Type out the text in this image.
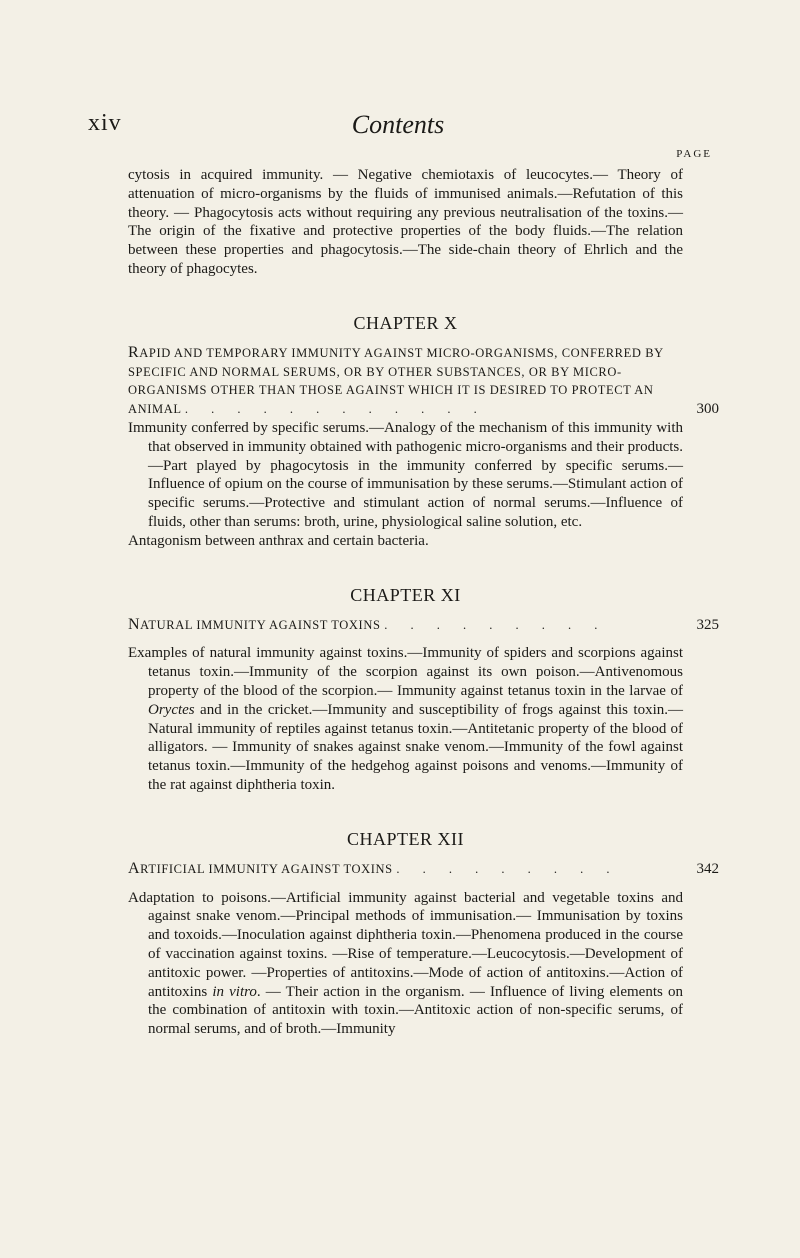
xiv	Contents
PAGE

cytosis in acquired immunity. — Negative chemiotaxis of leucocytes.— Theory of attenuation of micro-organisms by the fluids of immunised animals.—Refutation of this theory. — Phagocytosis acts without requiring any previous neutralisation of the toxins.—The origin of the fixative and protective properties of the body fluids.—The relation between these properties and phagocytosis.—The side-chain theory of Ehrlich and the theory of phagocytes.

CHAPTER X

RAPID AND TEMPORARY IMMUNITY AGAINST MICRO-ORGANISMS, CONFERRED BY SPECIFIC AND NORMAL SERUMS, OR BY OTHER SUBSTANCES, OR BY MICRO-ORGANISMS OTHER THAN THOSE AGAINST WHICH IT IS DESIRED TO PROTECT AN ANIMAL . . . . . . . . . . . .	300

Immunity conferred by specific serums.—Analogy of the mechanism of this immunity with that observed in immunity obtained with pathogenic micro-organisms and their products.—Part played by phagocytosis in the immunity conferred by specific serums.—Influence of opium on the course of immunisation by these serums.—Stimulant action of specific serums.—Protective and stimulant action of normal serums.—Influence of fluids, other than serums: broth, urine, physiological saline solution, etc.

Antagonism between anthrax and certain bacteria.

CHAPTER XI

NATURAL IMMUNITY AGAINST TOXINS . . . . . . . . .	325

Examples of natural immunity against toxins.—Immunity of spiders and scorpions against tetanus toxin.—Immunity of the scorpion against its own poison.—Antivenomous property of the blood of the scorpion.— Immunity against tetanus toxin in the larvae of Oryctes and in the cricket.—Immunity and susceptibility of frogs against this toxin.— Natural immunity of reptiles against tetanus toxin.—Antitetanic property of the blood of alligators. — Immunity of snakes against snake venom.—Immunity of the fowl against tetanus toxin.—Immunity of the hedgehog against poisons and venoms.—Immunity of the rat against diphtheria toxin.

CHAPTER XII

ARTIFICIAL IMMUNITY AGAINST TOXINS . . . . . . . . .	342

Adaptation to poisons.—Artificial immunity against bacterial and vegetable toxins and against snake venom.—Principal methods of immunisation.— Immunisation by toxins and toxoids.—Inoculation against diphtheria toxin.—Phenomena produced in the course of vaccination against toxins. —Rise of temperature.—Leucocytosis.—Development of antitoxic power. —Properties of antitoxins.—Mode of action of antitoxins.—Action of antitoxins in vitro. — Their action in the organism. — Influence of living elements on the combination of antitoxin with toxin.—Antitoxic action of non-specific serums, of normal serums, and of broth.—Immunity
